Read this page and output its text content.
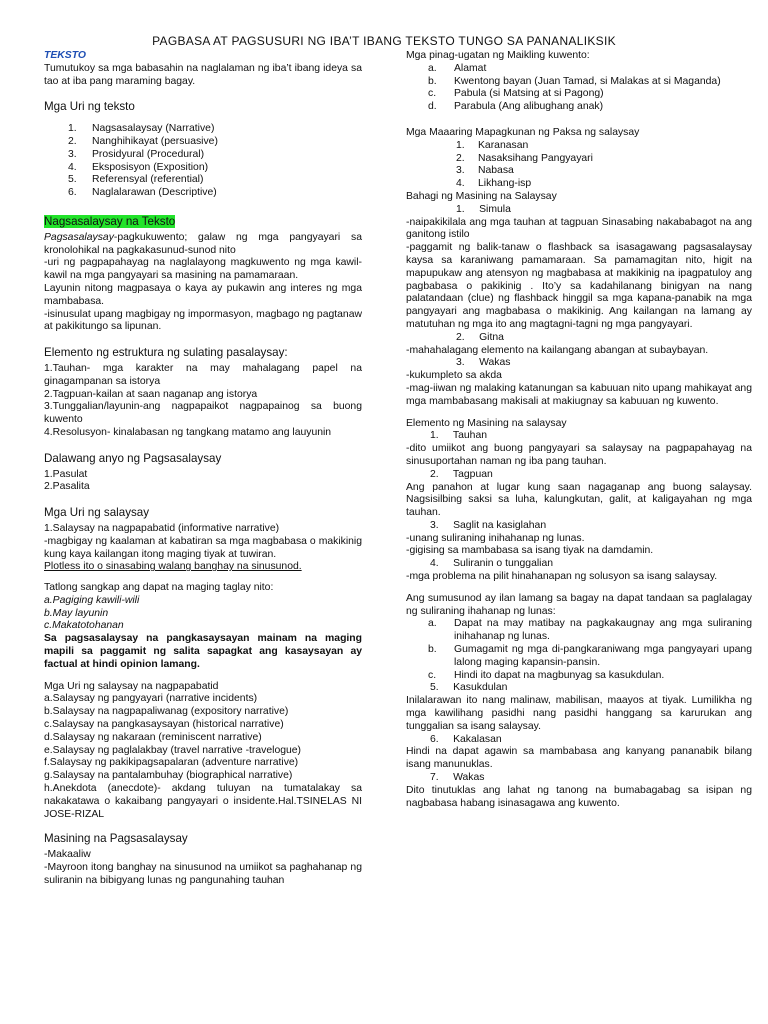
PAGBASA AT PAGSUSURI NG IBA’T IBANG TEKSTO TUNGO SA PANANALIKSIK

TEKSTO

Tumutukoy sa mga babasahin na naglalaman ng iba’t ibang ideya sa tao at iba pang maraming bagay.

Mga Uri ng teksto

1. Nagsasalaysay (Narrative)
2. Nanghihikayat (persuasive)
3. Prosidyural (Procedural)
4. Eksposisyon (Exposition)
5. Referensyal (referential)
6. Naglalarawan (Descriptive)

Nagsasalaysay na Teksto

Pagsasalaysay-pagkukuwento; galaw ng mga pangyayari sa kronolohikal na pagkakasunud-sunod nito

-uri ng pagpapahayag na naglalayong magkuwento ng mga kawil-kawil na mga pangyayari sa masining na pamamaraan.

Layunin nitong magpasaya o kaya ay pukawin ang interes ng mga mambabasa.

-isinusulat upang magbigay ng impormasyon, magbago ng pagtanaw at pakikitungo sa lipunan.

Elemento ng estruktura ng sulating pasalaysay:

1.Tauhan- mga karakter na may mahalagang papel na ginagampanan sa istorya

2.Tagpuan-kailan at saan naganap ang istorya

3.Tunggalian/layunin-ang nagpapaikot nagpapainog sa buong kuwento

4.Resolusyon- kinalabasan ng tangkang matamo ang lauyunin

Dalawang anyo ng Pagsasalaysay

1.Pasulat

2.Pasalita

Mga Uri ng salaysay

1.Salaysay na nagpapabatid (informative narrative)

-magbigay ng kaalaman at kabatiran sa mga magbabasa o makikinig kung kaya kailangan itong maging tiyak at tuwiran.

Plotless ito o sinasabing walang banghay na sinusunod.

Tatlong sangkap ang dapat na maging taglay nito:

a.Pagiging kawili-wili

b.May layunin

c.Makatotohanan

Sa pagsasalaysay na pangkasaysayan mainam na maging mapili sa paggamit ng salita sapagkat ang kasaysayan ay factual at hindi opinion lamang.

Mga Uri ng salaysay na nagpapabatid

a.Salaysay ng pangyayari (narrative incidents)

b.Salaysay na nagpapaliwanag (expository narrative)

c.Salaysay na pangkasaysayan (historical narrative)

d.Salaysay ng nakaraan (reminiscent narrative)

e.Salaysay ng paglalakbay (travel narrative -travelogue)

f.Salaysay ng pakikipagsapalaran (adventure narrative)

g.Salaysay na pantalambuhay (biographical narrative)

h.Anekdota (anecdote)- akdang tuluyan na tumatalakay sa nakakatawa o kakaibang pangyayari o insidente.Hal.TSINELAS NI JOSE-RIZAL

Masining na Pagsasalaysay

-Makaaliw

-Mayroon itong banghay na sinusunod na umiikot sa paghahanap ng suliranin na bibigyang lunas ng pangunahing tauhan

Mga pinag-ugatan ng Maikling kuwento:

a. Alamat
b. Kwentong bayan (Juan Tamad, si Malakas at si Maganda)
c. Pabula (si Matsing at si Pagong)
d. Parabula (Ang alibughang anak)

Mga Maaaring Mapagkunan ng Paksa ng salaysay

1. Karanasan
2. Nasaksihang Pangyayari
3. Nabasa
4. Likhang-isp

Bahagi ng Masining na Salaysay

1.     Simula

-naipakikilala ang mga tauhan at tagpuan Sinasabing nakababagot na ang ganitong istilo

-paggamit ng balik-tanaw o flashback sa isasagawang pagsasalaysay kaysa sa karaniwang pamamaraan. Sa pamamagitan nito, higit na mapupukaw ang atensyon ng magbabasa at makikinig na ipagpatuloy ang pagbabasa o pakikinig . Ito’y sa kadahilanang binigyan na nang palatandaan (clue) ng flashback hinggil sa mga kapana-panabik na mga pangyayari ang magbabasa o makikinig. Ang kailangan na lamang ay matutuhan ng mga ito ang magtagni-tagni ng mga pangyayari.

2.     Gitna

-mahahalagang elemento na kailangang abangan at subaybayan.

3.     Wakas

-kukumpleto sa akda

-mag-iiwan ng malaking katanungan sa kabuuan nito upang mahikayat ang mga mambabasang makisali at makiugnay sa kabuuan ng kuwento.

Elemento ng Masining na salaysay

1.     Tauhan

-dito umiikot ang buong pangyayari sa salaysay na pagpapahayag na sinusuportahan naman ng iba pang tauhan.

2.     Tagpuan

Ang panahon at lugar kung saan nagaganap ang buong salaysay. Nagsisilbing saksi sa luha, kalungkutan, galit, at kaligayahan ng mga tauhan.

3.     Saglit na kasiglahan

-unang suliraning inihahanap ng lunas.

-gigising sa mambabasa sa isang tiyak na damdamin.

4.     Suliranin o tunggalian

-mga problema na pilit hinahanapan ng solusyon sa isang salaysay.

Ang sumusunod ay ilan lamang sa bagay na dapat tandaan sa paglalagay ng suliraning ihahanap ng lunas:

a. Dapat na may matibay na pagkakaugnay ang mga suliraning inihahanap ng lunas.
b. Gumagamit ng mga di-pangkaraniwang mga pangyayari upang lalong maging kapansin-pansin.
c. Hindi ito dapat na magbunyag sa kasukdulan.

5.     Kasukdulan

Inilalarawan ito nang malinaw, mabilisan, maayos at tiyak. Lumilikha ng mga kawilihang pasidhi nang pasidhi hanggang sa karurukan ang tunggalian sa isang salaysay.

6.     Kakalasan

Hindi na dapat agawin sa mambabasa ang kanyang pananabik bilang isang manunuklas.

7.     Wakas

Dito tinutuklas ang lahat ng tanong na bumabagabag sa isipan ng nagbabasa habang isinasagawa ang kuwento.
